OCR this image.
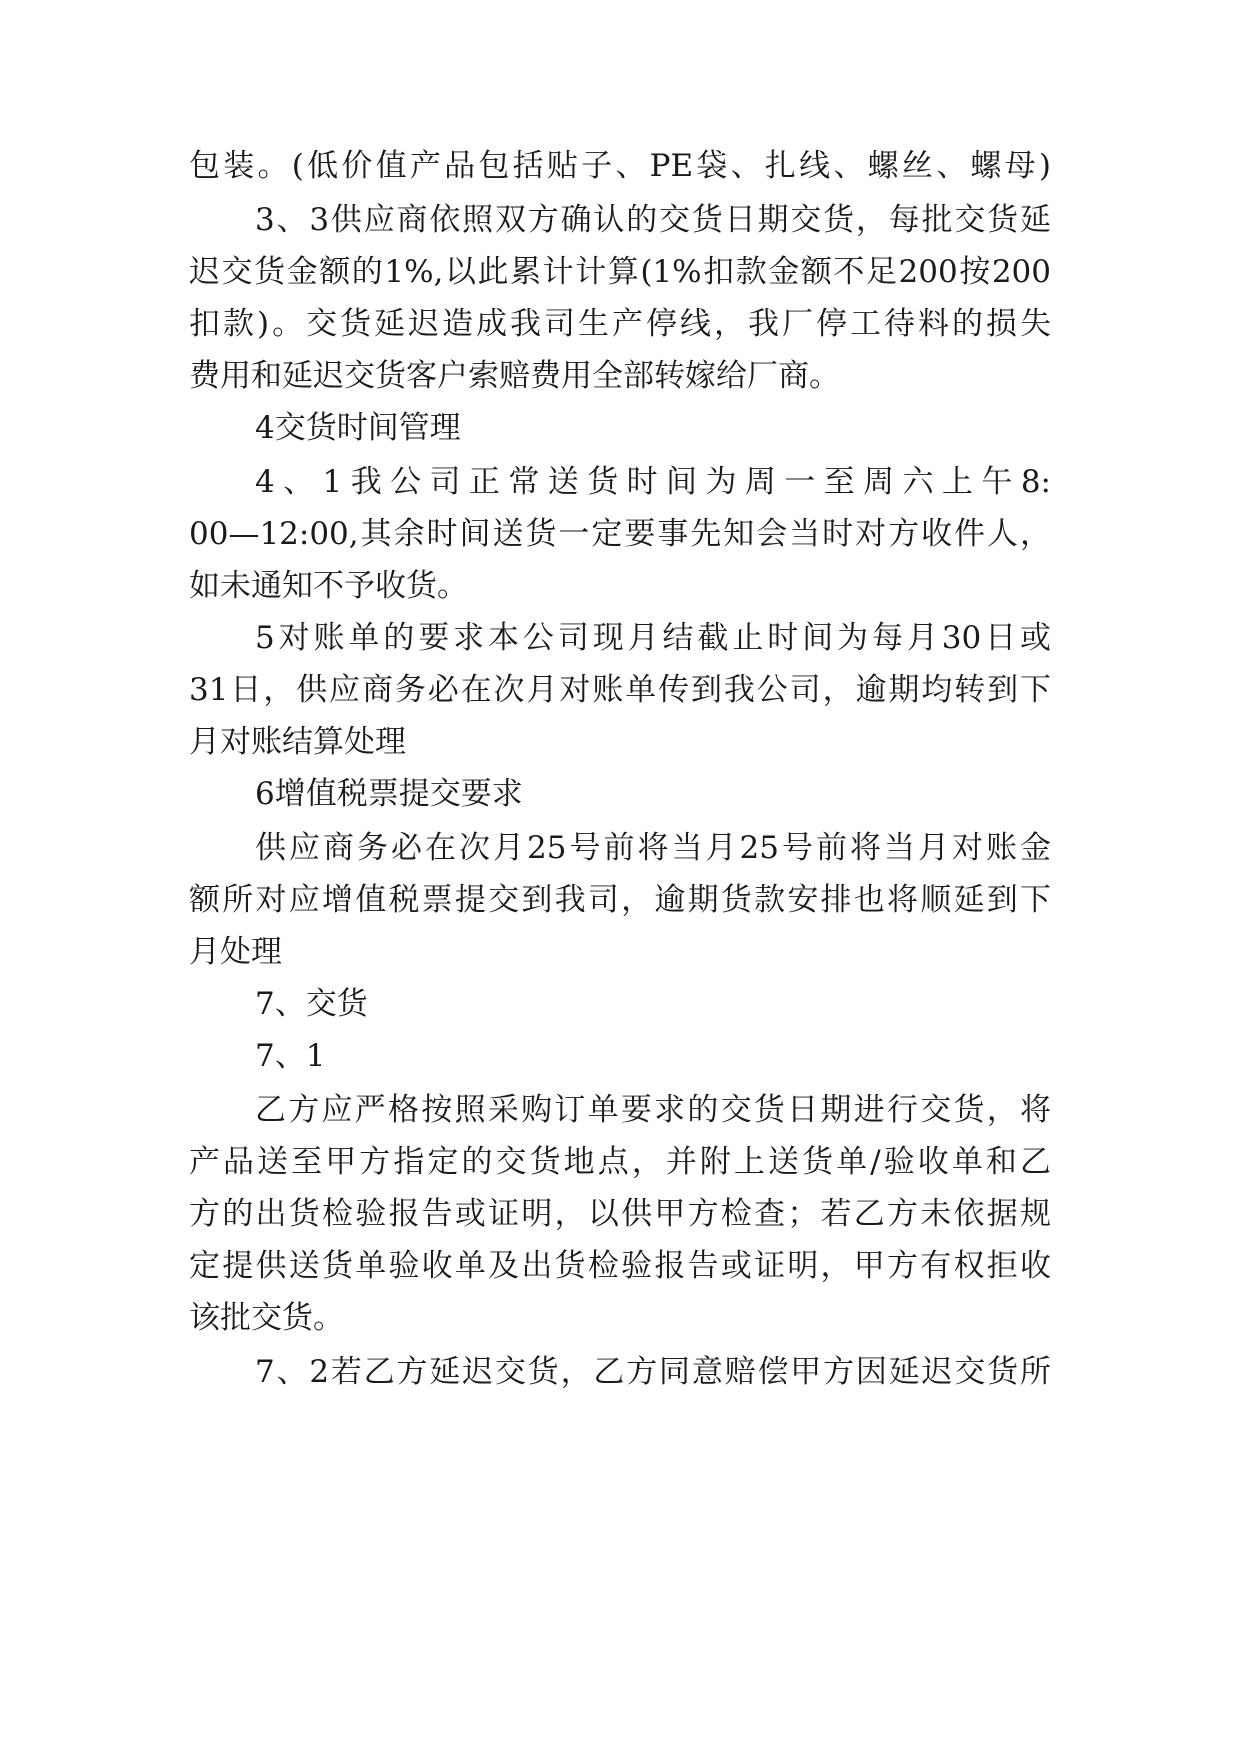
包装。(低价值产品包括贴子、PE袋、扎线、螺丝、螺母)
3、3供应商依照双方确认的交货日期交货，每批交货延
迟交货金额的1%,以此累计计算(1%扣款金额不足200按200
扣款)。交货延迟造成我司生产停线，我厂停工待料的损失
费用和延迟交货客户索赔费用全部转嫁给厂商。
4交货时间管理
4、1我公司正常送货时间为周一至周六上午8:
00—12:00,其余时间送货一定要事先知会当时对方收件人，
如未通知不予收货。
5对账单的要求本公司现月结截止时间为每月30日或
31日，供应商务必在次月对账单传到我公司，逾期均转到下
月对账结算处理
6增值税票提交要求
供应商务必在次月25号前将当月25号前将当月对账金
额所对应增值税票提交到我司，逾期货款安排也将顺延到下
月处理
7、交货
7、1
乙方应严格按照采购订单要求的交货日期进行交货，将
产品送至甲方指定的交货地点，并附上送货单/验收单和乙
方的出货检验报告或证明，以供甲方检查；若乙方未依据规
定提供送货单验收单及出货检验报告或证明，甲方有权拒收
该批交货。
7、2若乙方延迟交货，乙方同意赔偿甲方因延迟交货所
